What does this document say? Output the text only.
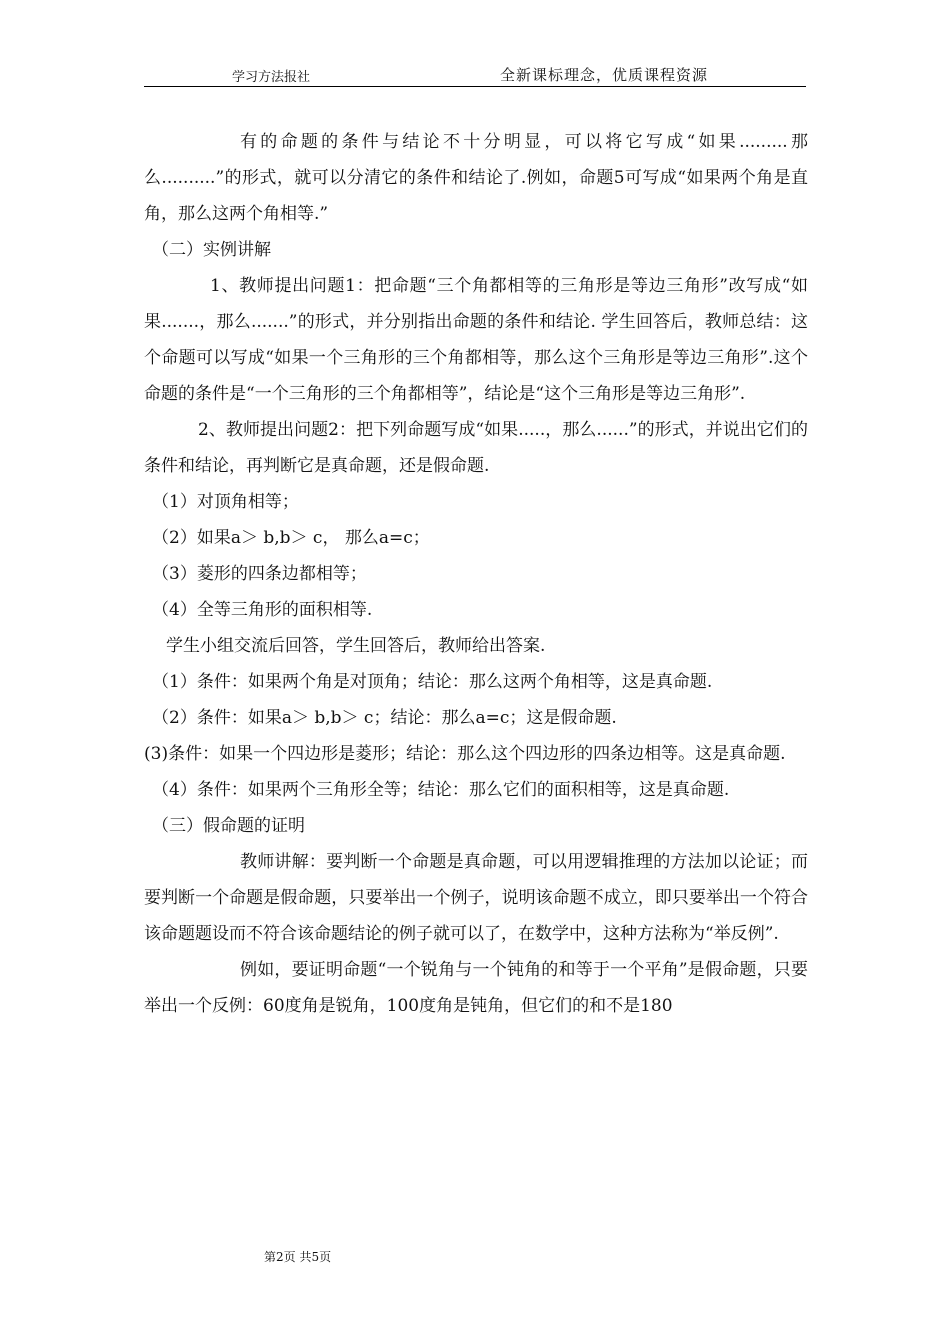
学习方法报社	全新课标理念，优质课程资源

有的命题的条件与结论不十分明显，可以将它写成“如果.........那么..........”的形式，就可以分清它的条件和结论了.例如，命题5可写成“如果两个角是直角，那么这两个角相等.”

（二）实例讲解

1、教师提出问题1：把命题“三个角都相等的三角形是等边三角形”改写成“如果.......，那么.......”的形式，并分别指出命题的条件和结论. 学生回答后，教师总结：这个命题可以写成“如果一个三角形的三个角都相等，那么这个三角形是等边三角形”.这个命题的条件是“一个三角形的三个角都相等”，结论是“这个三角形是等边三角形”.

2、教师提出问题2：把下列命题写成“如果.....，那么......”的形式，并说出它们的条件和结论，再判断它是真命题，还是假命题.

（1）对顶角相等；

（2）如果a＞ b,b＞ c， 那么a=c；

（3）菱形的四条边都相等；

（4）全等三角形的面积相等.

学生小组交流后回答，学生回答后，教师给出答案.

（1）条件：如果两个角是对顶角；结论：那么这两个角相等，这是真命题.

（2）条件：如果a＞ b,b＞ c；结论：那么a=c；这是假命题.

(3)条件：如果一个四边形是菱形；结论：那么这个四边形的四条边相等。这是真命题.

（4）条件：如果两个三角形全等；结论：那么它们的面积相等，这是真命题.

（三）假命题的证明

教师讲解：要判断一个命题是真命题，可以用逻辑推理的方法加以论证；而要判断一个命题是假命题，只要举出一个例子，说明该命题不成立，即只要举出一个符合该命题题设而不符合该命题结论的例子就可以了，在数学中，这种方法称为“举反例”.

例如，要证明命题“一个锐角与一个钝角的和等于一个平角”是假命题，只要举出一个反例：60度角是锐角，100度角是钝角，但它们的和不是180

第2页 共5页
